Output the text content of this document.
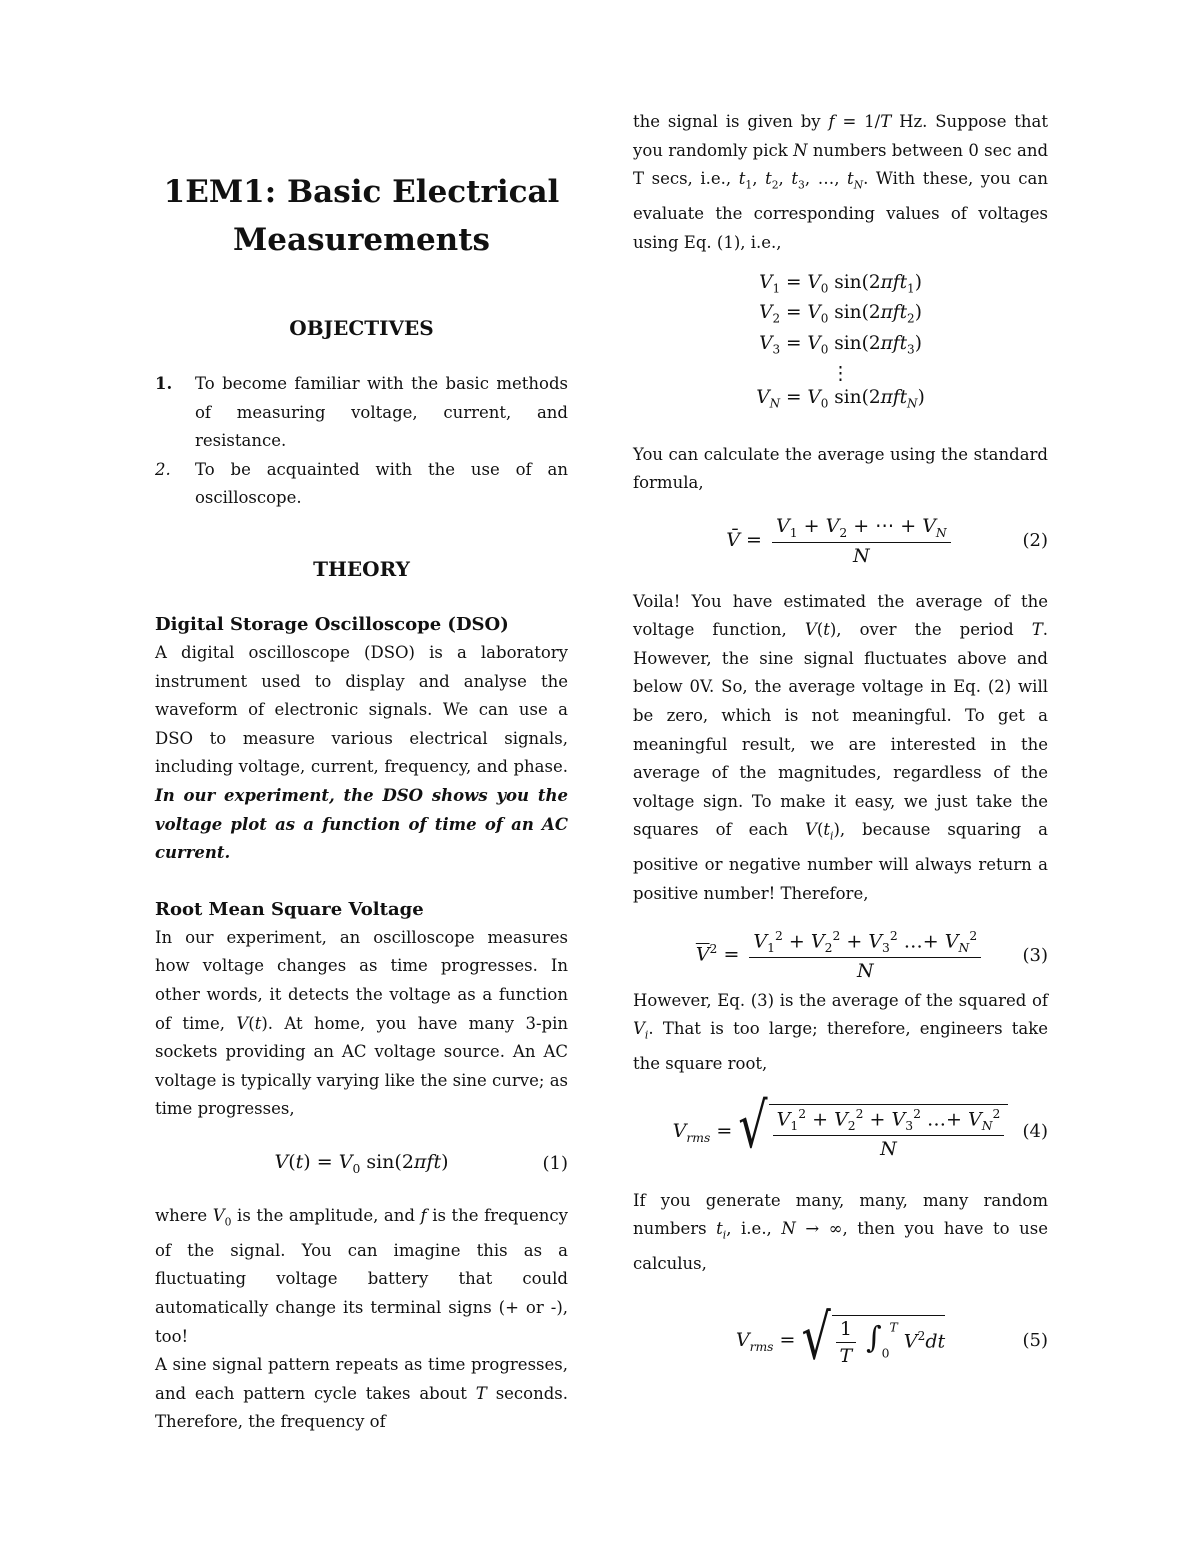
1EM1: Basic Electrical
Measurements
OBJECTIVES
1. To become familiar with the basic methods of measuring voltage, current, and resistance.
2. To be acquainted with the use of an oscilloscope.
THEORY
Digital Storage Oscilloscope (DSO)

A digital oscilloscope (DSO) is a laboratory instrument used to display and analyse the waveform of electronic signals. We can use a DSO to measure various electrical signals, including voltage, current, frequency, and phase. In our experiment, the DSO shows you the voltage plot as a function of time of an AC current.

Root Mean Square Voltage

In our experiment, an oscilloscope measures how voltage changes as time progresses. In other words, it detects the voltage as a function of time, V(t). At home, you have many 3-pin sockets providing an AC voltage source. An AC voltage is typically varying like the sine curve; as time progresses,

$V(t) = V_0$ sin(2πft)	(1)

where $V_0$ is the amplitude, and f is the frequency of the signal. You can imagine this as a fluctuating voltage battery that could automatically change its terminal signs (+ or -), too!

A sine signal pattern repeats as time progresses, and each pattern cycle takes about T seconds. Therefore, the frequency of

the signal is given by f = 1/T Hz. Suppose that you randomly pick N numbers between 0 sec and T secs, i.e., $t_1$, $t_2$, $t_3$, …, $t_N$. With these, you can evaluate the corresponding values of voltages using Eq. (1), i.e.,

$V_1 = V_0$ sin(2πft$_1$)
$V_2 = V_0$ sin(2πft$_2$)
$V_3 = V_0$ sin(2πft$_3$)
⋮
$V_N = V_0$ sin(2πft$_N$)

You can calculate the average using the standard formula,

V̄ = $\frac{V_1 + V_2 + \cdots + V_N}{N}$	(2)

Voila! You have estimated the average of the voltage function, V(t), over the period T. However, the sine signal fluctuates above and below 0V. So, the average voltage in Eq. (2) will be zero, which is not meaningful. To get a meaningful result, we are interested in the average of the magnitudes, regardless of the voltage sign. To make it easy, we just take the squares of each $V(t_i)$, because squaring a positive or negative number will always return a positive number! Therefore,

$\overline{V}^2 = \frac{V_1^2 + V_2^2 + V_3^2 \dots+ V_N^2}{N} (3)$

However, Eq. (3) is the average of the squared of $V_i$. That is too large; therefore, engineers take the square root,

$V_{rms}$ = √ $\frac{V_1^2 + V_2^2 + V_3^2 \dots+ V_N^2}{N} (4)$

If you generate many, many, many random numbers $t_i$, i.e., N → ∞, then you have to use calculus,

$V_{rms}$ = √ $\frac{1}{T} \int_0^T$ $V^2dt$	(5)
